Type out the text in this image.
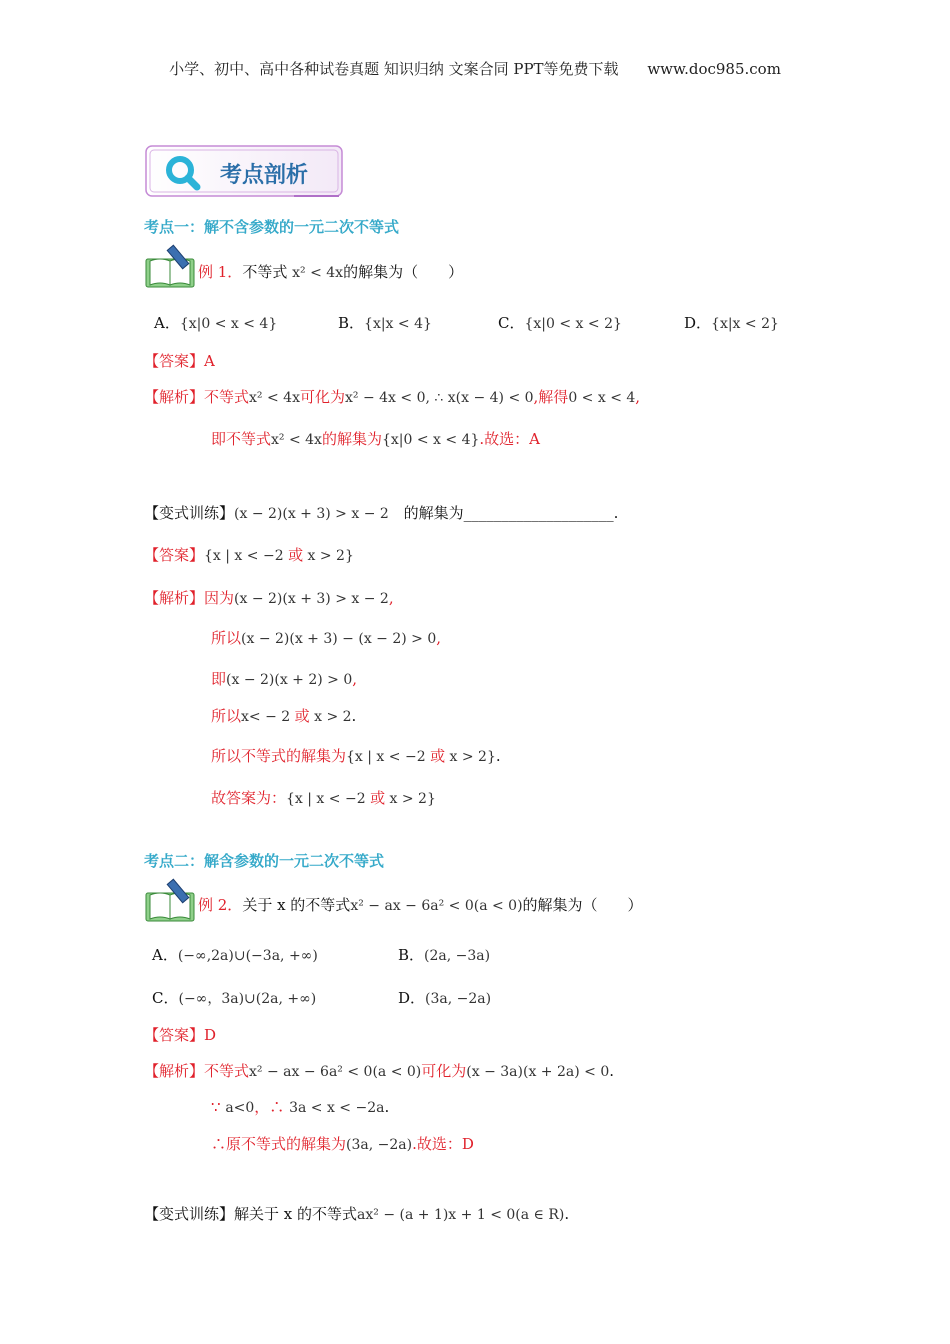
小学、初中、高中各种试卷真题 知识归纳 文案合同 PPT等免费下载 www.doc985.com
考点剖析
考点一：解不含参数的一元二次不等式
例 1．不等式 x² < 4x的解集为（　　）
A．{x|0 < x < 4}	B．{x|x < 4}	C．{x|0 < x < 2}	D．{x|x < 2}
【答案】A
【解析】不等式x² < 4x可化为x² − 4x < 0, ∴ x(x − 4) < 0,解得0 < x < 4,
即不等式x² < 4x的解集为{x|0 < x < 4}.故选：A
【变式训练】(x − 2)(x + 3) > x − 2 的解集为____________________.
【答案】{x | x < −2 或 x > 2}
【解析】因为(x − 2)(x + 3) > x − 2,
所以(x − 2)(x + 3) − (x − 2) > 0,
即(x − 2)(x + 2) > 0,
所以x< − 2 或 x > 2.
所以不等式的解集为{x | x < −2 或 x > 2}.
故答案为：{x | x < −2 或 x > 2}
考点二：解含参数的一元二次不等式
例 2．关于 x 的不等式x² − ax − 6a² < 0(a < 0)的解集为（　　）
A．(−∞,2a)∪(−3a, +∞)	B．(2a, −3a)
C．(−∞，3a)∪(2a, +∞)	D．(3a, −2a)
【答案】D
【解析】不等式x² − ax − 6a² < 0(a < 0)可化为(x − 3a)(x + 2a) < 0.
∵ a<0，∴ 3a < x < −2a.
∴原不等式的解集为(3a, −2a).故选：D
【变式训练】解关于 x 的不等式ax² − (a + 1)x + 1 < 0(a ∈ R).
